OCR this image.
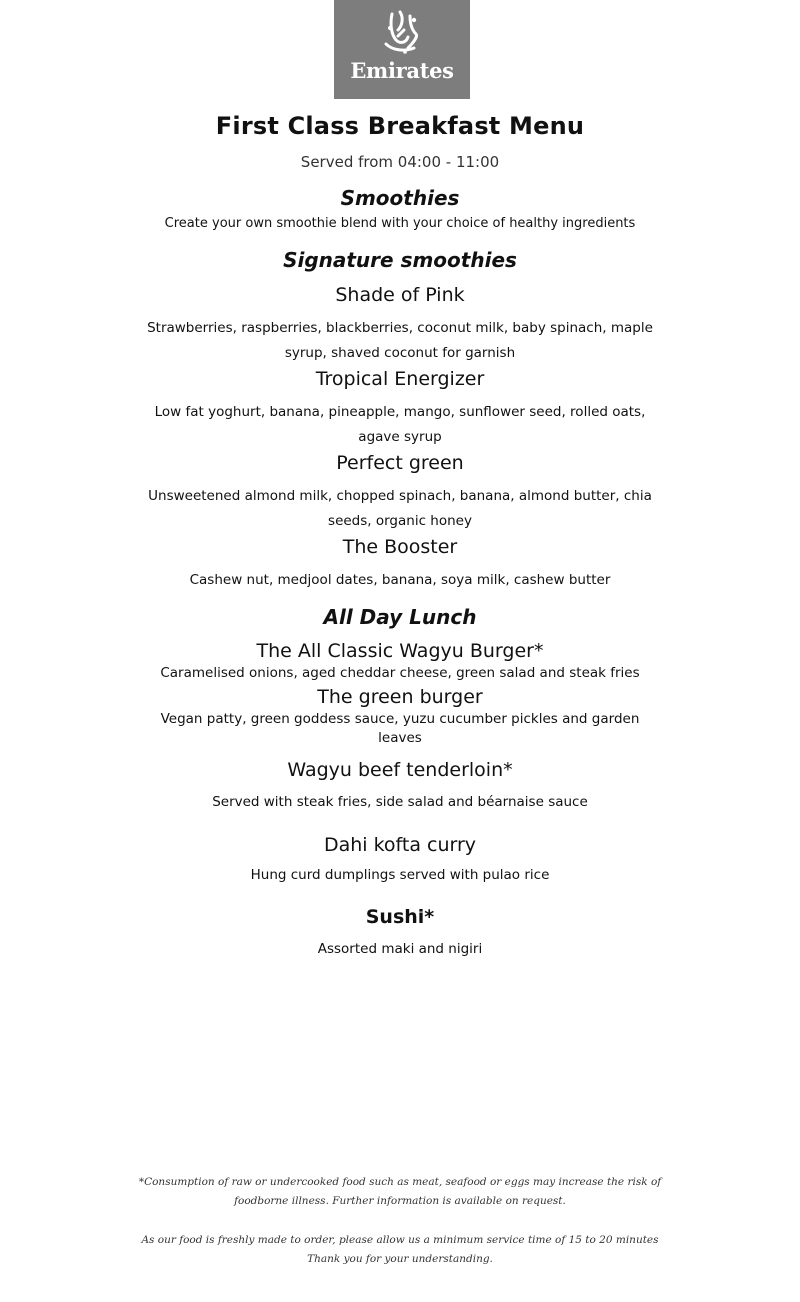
Emirates
First Class Breakfast Menu
Served from 04:00 - 11:00
Smoothies
Create your own smoothie blend with your choice of healthy ingredients
Signature smoothies
Shade of Pink
Strawberries, raspberries, blackberries, coconut milk, baby spinach, maple
syrup, shaved coconut for garnish
Tropical Energizer
Low fat yoghurt, banana, pineapple, mango, sunflower seed, rolled oats,
agave syrup
Perfect green
Unsweetened almond milk, chopped spinach, banana, almond butter, chia
seeds, organic honey
The Booster
Cashew nut, medjool dates, banana, soya milk, cashew butter
All Day Lunch
The All Classic Wagyu Burger*
Caramelised onions, aged cheddar cheese, green salad and steak fries
The green burger
Vegan patty, green goddess sauce, yuzu cucumber pickles and garden
leaves
Wagyu beef tenderloin*
Served with steak fries, side salad and béarnaise sauce
Dahi kofta curry
Hung curd dumplings served with pulao rice
Sushi*
Assorted maki and nigiri
*Consumption of raw or undercooked food such as meat, seafood or eggs may increase the risk of
foodborne illness. Further information is available on request.
As our food is freshly made to order, please allow us a minimum service time of 15 to 20 minutes
Thank you for your understanding.
